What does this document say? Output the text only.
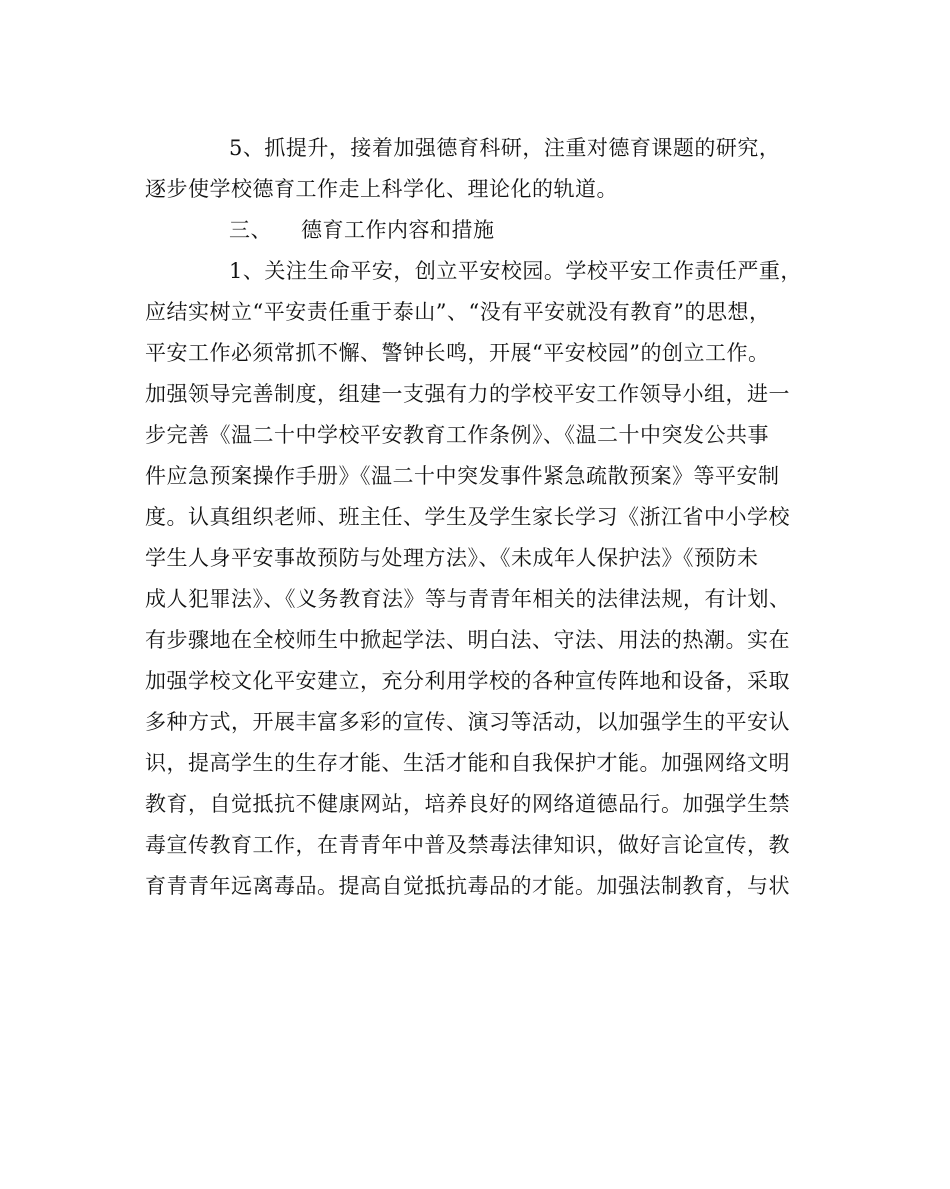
5、抓提升，接着加强德育科研，注重对德育课题的研究，
逐步使学校德育工作走上科学化、理论化的轨道。
三、 德育工作内容和措施
1、关注生命平安，创立平安校园。学校平安工作责任严重，
应结实树立“平安责任重于泰山”、“没有平安就没有教育”的思想，
平安工作必须常抓不懈、警钟长鸣，开展“平安校园”的创立工作。
加强领导完善制度，组建一支强有力的学校平安工作领导小组，进一
步完善《温二十中学校平安教育工作条例》、《温二十中突发公共事
件应急预案操作手册》《温二十中突发事件紧急疏散预案》等平安制
度。认真组织老师、班主任、学生及学生家长学习《浙江省中小学校
学生人身平安事故预防与处理方法》、《未成年人保护法》《预防未
成人犯罪法》、《义务教育法》等与青青年相关的法律法规，有计划、
有步骤地在全校师生中掀起学法、明白法、守法、用法的热潮。实在
加强学校文化平安建立，充分利用学校的各种宣传阵地和设备，采取
多种方式，开展丰富多彩的宣传、演习等活动，以加强学生的平安认
识，提高学生的生存才能、生活才能和自我保护才能。加强网络文明
教育，自觉抵抗不健康网站，培养良好的网络道德品行。加强学生禁
毒宣传教育工作，在青青年中普及禁毒法律知识，做好言论宣传，教
育青青年远离毒品。提高自觉抵抗毒品的才能。加强法制教育，与状
